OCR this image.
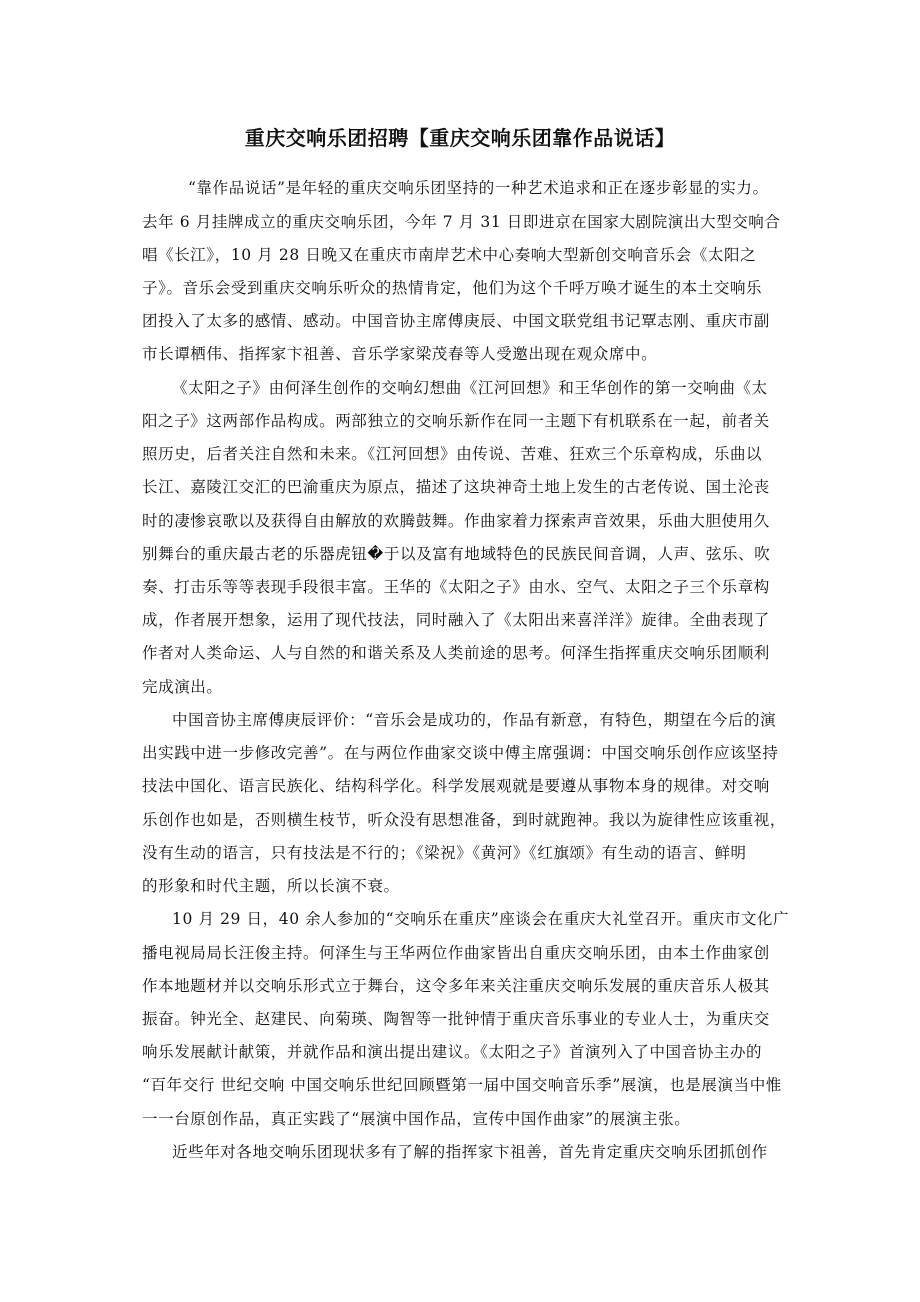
重庆交响乐团招聘【重庆交响乐团靠作品说话】
“靠作品说话”是年轻的重庆交响乐团坚持的一种艺术追求和正在逐步彰显的实力。
去年 6 月挂牌成立的重庆交响乐团，今年 7 月 31 日即进京在国家大剧院演出大型交响合
唱《长江》，10 月 28 日晚又在重庆市南岸艺术中心奏响大型新创交响音乐会《太阳之
子》。音乐会受到重庆交响乐听众的热情肯定，他们为这个千呼万唤才诞生的本土交响乐
团投入了太多的感情、感动。中国音协主席傅庚辰、中国文联党组书记覃志刚、重庆市副
市长谭栖伟、指挥家卞祖善、音乐学家梁茂春等人受邀出现在观众席中。
《太阳之子》由何泽生创作的交响幻想曲《江河回想》和王华创作的第一交响曲《太
阳之子》这两部作品构成。两部独立的交响乐新作在同一主题下有机联系在一起，前者关
照历史，后者关注自然和未来。《江河回想》由传说、苦难、狂欢三个乐章构成，乐曲以
长江、嘉陵江交汇的巴渝重庆为原点，描述了这块神奇土地上发生的古老传说、国土沦丧
时的凄惨哀歌以及获得自由解放的欢腾鼓舞。作曲家着力探索声音效果，乐曲大胆使用久
别舞台的重庆最古老的乐器虎钮�于以及富有地域特色的民族民间音调，人声、弦乐、吹
奏、打击乐等等表现手段很丰富。王华的《太阳之子》由水、空气、太阳之子三个乐章构
成，作者展开想象，运用了现代技法，同时融入了《太阳出来喜洋洋》旋律。全曲表现了
作者对人类命运、人与自然的和谐关系及人类前途的思考。何泽生指挥重庆交响乐团顺利
完成演出。
中国音协主席傅庚辰评价：“音乐会是成功的，作品有新意，有特色，期望在今后的演
出实践中进一步修改完善”。在与两位作曲家交谈中傅主席强调：中国交响乐创作应该坚持
技法中国化、语言民族化、结构科学化。科学发展观就是要遵从事物本身的规律。对交响
乐创作也如是，否则横生枝节，听众没有思想准备，到时就跑神。我以为旋律性应该重视，
没有生动的语言，只有技法是不行的；《梁祝》《黄河》《红旗颂》有生动的语言、鲜明
的形象和时代主题，所以长演不衰。
10 月 29 日，40 余人参加的“交响乐在重庆”座谈会在重庆大礼堂召开。重庆市文化广
播电视局局长汪俊主持。何泽生与王华两位作曲家皆出自重庆交响乐团，由本土作曲家创
作本地题材并以交响乐形式立于舞台，这令多年来关注重庆交响乐发展的重庆音乐人极其
振奋。钟光全、赵建民、向菊瑛、陶智等一批钟情于重庆音乐事业的专业人士，为重庆交
响乐发展献计献策，并就作品和演出提出建议。《太阳之子》首演列入了中国音协主办的
“百年交行 世纪交响 中国交响乐世纪回顾暨第一届中国交响音乐季”展演，也是展演当中惟
一一台原创作品，真正实践了“展演中国作品，宣传中国作曲家”的展演主张。
近些年对各地交响乐团现状多有了解的指挥家卞祖善，首先肯定重庆交响乐团抓创作
